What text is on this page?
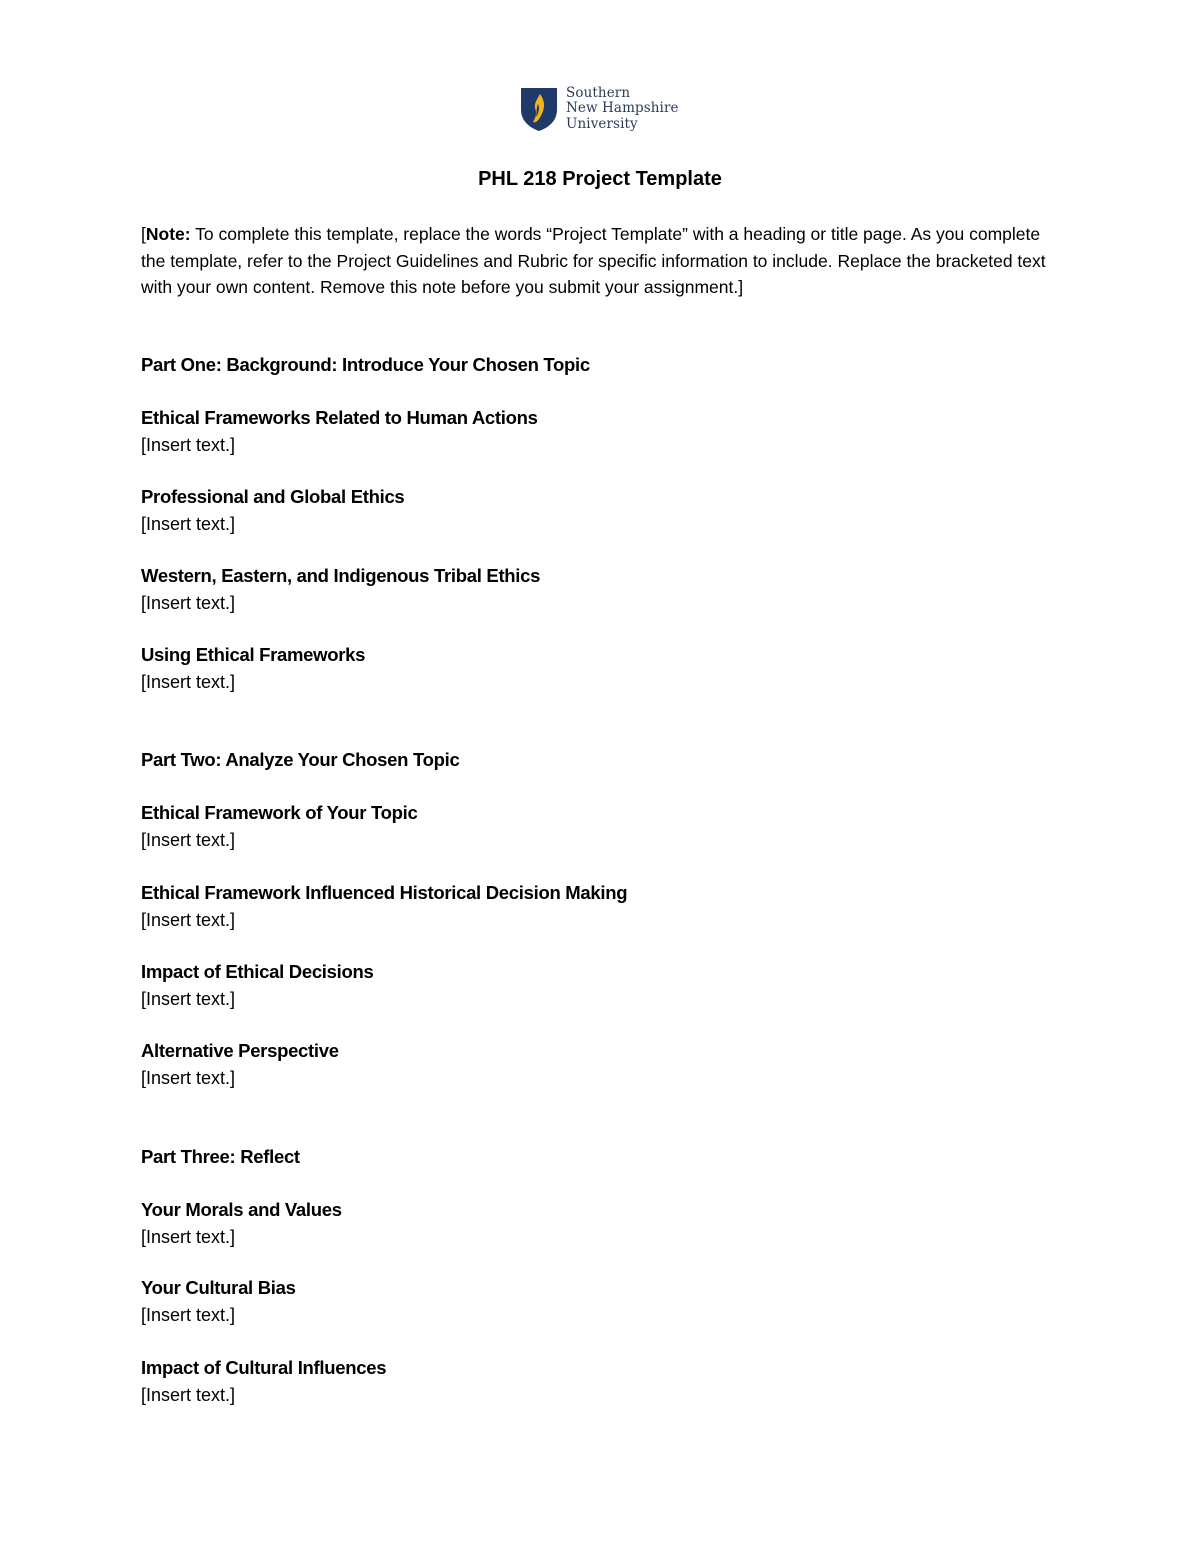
Southern
New Hampshire
University
PHL 218 Project Template
[Note: To complete this template, replace the words “Project Template” with a heading or title page. As you complete the template, refer to the Project Guidelines and Rubric for specific information to include. Replace the bracketed text with your own content. Remove this note before you submit your assignment.]
Part One: Background: Introduce Your Chosen Topic
Ethical Frameworks Related to Human Actions
[Insert text.]
Professional and Global Ethics
[Insert text.]
Western, Eastern, and Indigenous Tribal Ethics
[Insert text.]
Using Ethical Frameworks
[Insert text.]
Part Two: Analyze Your Chosen Topic
Ethical Framework of Your Topic
[Insert text.]
Ethical Framework Influenced Historical Decision Making
[Insert text.]
Impact of Ethical Decisions
[Insert text.]
Alternative Perspective
[Insert text.]
Part Three: Reflect
Your Morals and Values
[Insert text.]
Your Cultural Bias
[Insert text.]
Impact of Cultural Influences
[Insert text.]
